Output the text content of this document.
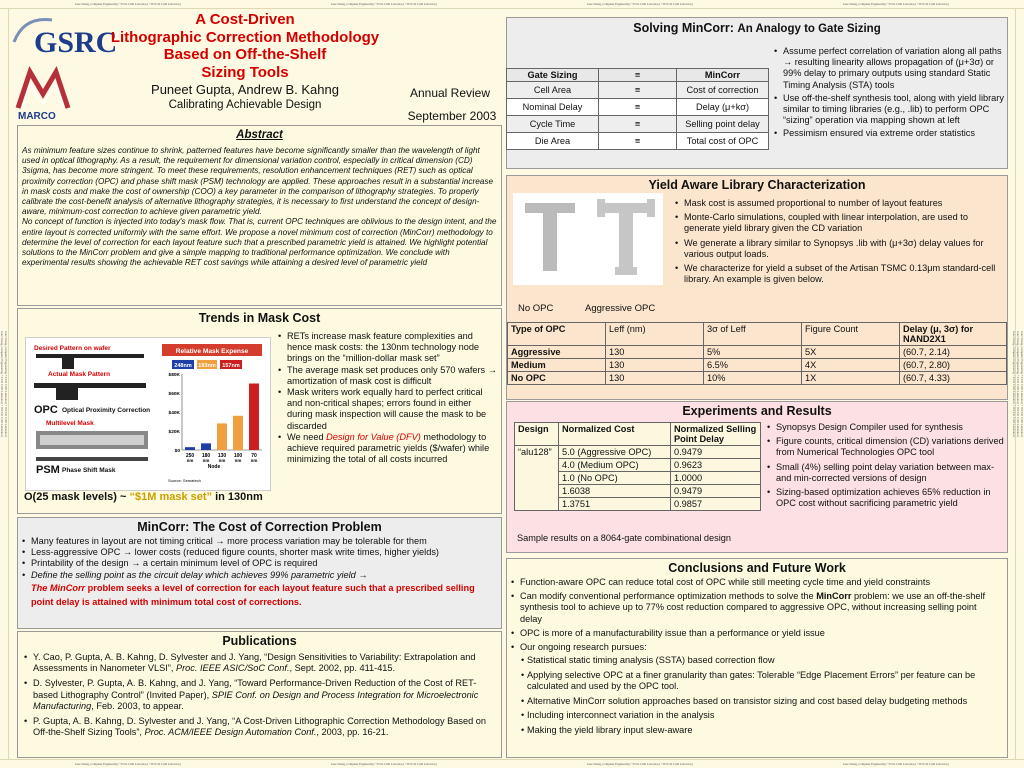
Gate Sizing, Computer Engineering • VLSI CAD Laboratory • ISVLSI CAD Laboratory	Gate Sizing, Computer Engineering • VLSI CAD Laboratory • ISVLSI CAD Laboratory	Gate Sizing, Computer Engineering • VLSI CAD Laboratory • ISVLSI CAD Laboratory	Gate Sizing, Computer Engineering • VLSI CAD Laboratory • ISVLSI CAD Laboratory
Gate Sizing, Computer Engineering • VLSI CAD Laboratory • ISVLSI CAD Laboratory	Gate Sizing, Computer Engineering • VLSI CAD Laboratory • ISVLSI CAD Laboratory	Gate Sizing, Computer Engineering • VLSI CAD Laboratory • ISVLSI CAD Laboratory	Gate Sizing, Computer Engineering • VLSI CAD Laboratory • ISVLSI CAD Laboratory
Gate Sizing, Computer Engineering • VLSI CAD Laboratory • ISVLSI CAD Laboratory
Gate Sizing, Computer Engineering • VLSI CAD Laboratory • ISVLSI CAD Laboratory	Gate Sizing, Computer Engineering • VLSI CAD Laboratory • ISVLSI CAD Laboratory
Gate Sizing, Computer Engineering • VLSI CAD Laboratory • ISVLSI CAD Laboratory
Gate Sizing, Computer Engineering • VLSI CAD Laboratory • ISVLSI CAD Laboratory
GSRC
MARCO
A Cost-Driven
Lithographic Correction Methodology
Based on Off-the-Shelf
Sizing Tools
Puneet Gupta, Andrew B. Kahng
Calibrating Achievable Design
Annual Review
September 2003
Abstract
As minimum feature sizes continue to shrink, patterned features have become significantly smaller than the wavelength of light used in optical lithography. As a result, the requirement for dimensional variation control, especially in critical dimension (CD) 3sigma, has become more stringent. To meet these requirements, resolution enhancement techniques (RET) such as optical proximity correction (OPC) and phase shift mask (PSM) technology are applied. These approaches result in a substantial increase in mask costs and make the cost of ownership (COO) a key parameter in the comparison of lithography strategies. To properly calibrate the cost-benefit analysis of alternative lithography strategies, it is necessary to first understand the concept of design-aware, minimum-cost correction to achieve given parametric yield.
No concept of function is injected into today's mask flow. That is, current OPC techniques are oblivious to the design intent, and the entire layout is corrected uniformly with the same effort. We propose a novel minimum cost of correction (MinCorr) methodology to determine the level of correction for each layout feature such that a prescribed parametric yield is attained. We highlight potential solutions to the MinCorr problem and give a simple mapping to traditional performance optimization. We conclude with experimental results showing the achievable RET cost savings while attaining a desired level of parametric yield
Trends in Mask Cost
Desired Pattern on wafer
Actual Mask Pattern
OPC Optical Proximity Correction
Multilevel Mask
PSM Phase Shift Mask
Relative Mask Expense
248nm 193nm 157nm
$80K
$60K
$40K
$20K
$0
250
nm
180
nm
130
nm
100
nm
70
nm
Node
Source: Sematech
• RETs increase mask feature complexities and hence mask costs: the 130nm technology node brings on the “million-dollar mask set”
• The average mask set produces only 570 wafers → amortization of mask cost is difficult
• Mask writers work equally hard to perfect critical and non-critical shapes; errors found in either during mask inspection will cause the mask to be discarded
• We need Design for Value (DFV) methodology to achieve required parametric yields ($/wafer) while minimizing the total of all costs incurred
O(25 mask levels) ~ “$1M mask set” in 130nm
MinCorr: The Cost of Correction Problem
• Many features in layout are not timing critical → more process variation may be tolerable for them
• Less-aggressive OPC → lower costs (reduced figure counts, shorter mask write times, higher yields)
• Printability of the design → a certain minimum level of OPC is required
• Define the selling point as the circuit delay which achieves 99% parametric yield →
The MinCorr problem seeks a level of correction for each layout feature such that a prescribed selling point delay is attained with minimum total cost of corrections.
Publications
• Y. Cao, P. Gupta, A. B. Kahng, D. Sylvester and J. Yang, “Design Sensitivities to Variability: Extrapolation and Assessments in Nanometer VLSI”, Proc. IEEE ASIC/SoC Conf., Sept. 2002, pp. 411-415.
• D. Sylvester, P. Gupta, A. B. Kahng, and J. Yang, “Toward Performance-Driven Reduction of the Cost of RET-based Lithography Control” (Invited Paper), SPIE Conf. on Design and Process Integration for Microelectronic Manufacturing, Feb. 2003, to appear.
• P. Gupta, A. B. Kahng, D. Sylvester and J. Yang, “A Cost-Driven Lithographic Correction Methodology Based on Off-the-Shelf Sizing Tools”, Proc. ACM/IEEE Design Automation Conf., 2003, pp. 16-21.
Solving MinCorr: An Analogy to Gate Sizing
Gate Sizing	≡	MinCorr
Cell Area	≡	Cost of correction
Nominal Delay	≡	Delay (μ+kσ)
Cycle Time	≡	Selling point delay
Die Area	≡	Total cost of OPC
• Assume perfect correlation of variation along all paths → resulting linearity allows propagation of (μ+3σ) or 99% delay to primary outputs using standard Static Timing Analysis (STA) tools
• Use off-the-shelf synthesis tool, along with yield library similar to timing libraries (e.g., .lib) to perform OPC “sizing” operation via mapping shown at left
• Pessimism ensured via extreme order statistics
Yield Aware Library Characterization
No OPC	Aggressive OPC
• Mask cost is assumed proportional to number of layout features
• Monte-Carlo simulations, coupled with linear interpolation, are used to generate yield library given the CD variation
• We generate a library similar to Synopsys .lib with (μ+3σ) delay values for various output loads.
• We characterize for yield a subset of the Artisan TSMC 0.13μm standard-cell library. An example is given below.
Type of OPC	Leff (nm)	3σ of Leff	Figure Count	Delay (μ, 3σ) for NAND2X1
Aggressive	130	5%	5X	(60.7, 2.14)
Medium	130	6.5%	4X	(60.7, 2.80)
No OPC	130	10%	1X	(60.7, 4.33)
Experiments and Results
Design	Normalized Cost	Normalized Selling Point Delay
“alu128”	5.0 (Aggressive OPC)	0.9479
	4.0 (Medium OPC)	0.9623
	1.0 (No OPC)	1.0000
	1.6038	0.9479
	1.3751	0.9857
Sample results on a 8064-gate combinational design
• Synopsys Design Compiler used for synthesis
• Figure counts, critical dimension (CD) variations derived from Numerical Technologies OPC tool
• Small (4%) selling point delay variation between max- and min-corrected versions of design
• Sizing-based optimization achieves 65% reduction in OPC cost without sacrificing parametric yield
Conclusions and Future Work
• Function-aware OPC can reduce total cost of OPC while still meeting cycle time and yield constraints
• Can modify conventional performance optimization methods to solve the MinCorr problem: we use an off-the-shelf synthesis tool to achieve up to 77% cost reduction compared to aggressive OPC, without increasing selling point delay
• OPC is more of a manufacturability issue than a performance or yield issue
• Our ongoing research pursues:
• Statistical static timing analysis (SSTA) based correction flow
• Applying selective OPC at a finer granularity than gates: Tolerable “Edge Placement Errors” per feature can be calculated and used by the OPC tool.
• Alternative MinCorr solution approaches based on transistor sizing and cost based delay budgeting methods
• Including interconnect variation in the analysis
• Making the yield library input slew-aware
